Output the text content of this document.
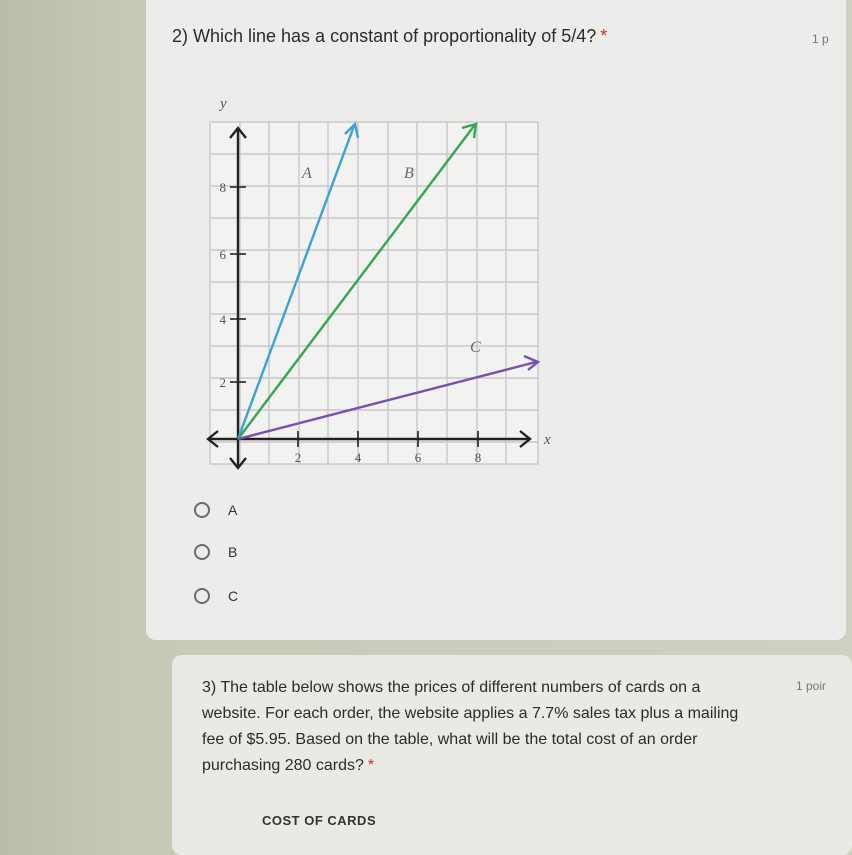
2) Which line has a constant of proportionality of 5/4? *	1 p
y
x
2
4
6
8
2	4	6	8
A	B
C
A
B
C
3) The table below shows the prices of different numbers of cards on a website. For each order, the website applies a 7.7% sales tax plus a mailing fee of $5.95. Based on the table, what will be the total cost of an order purchasing 280 cards? *
1 poir
COST OF CARDS
